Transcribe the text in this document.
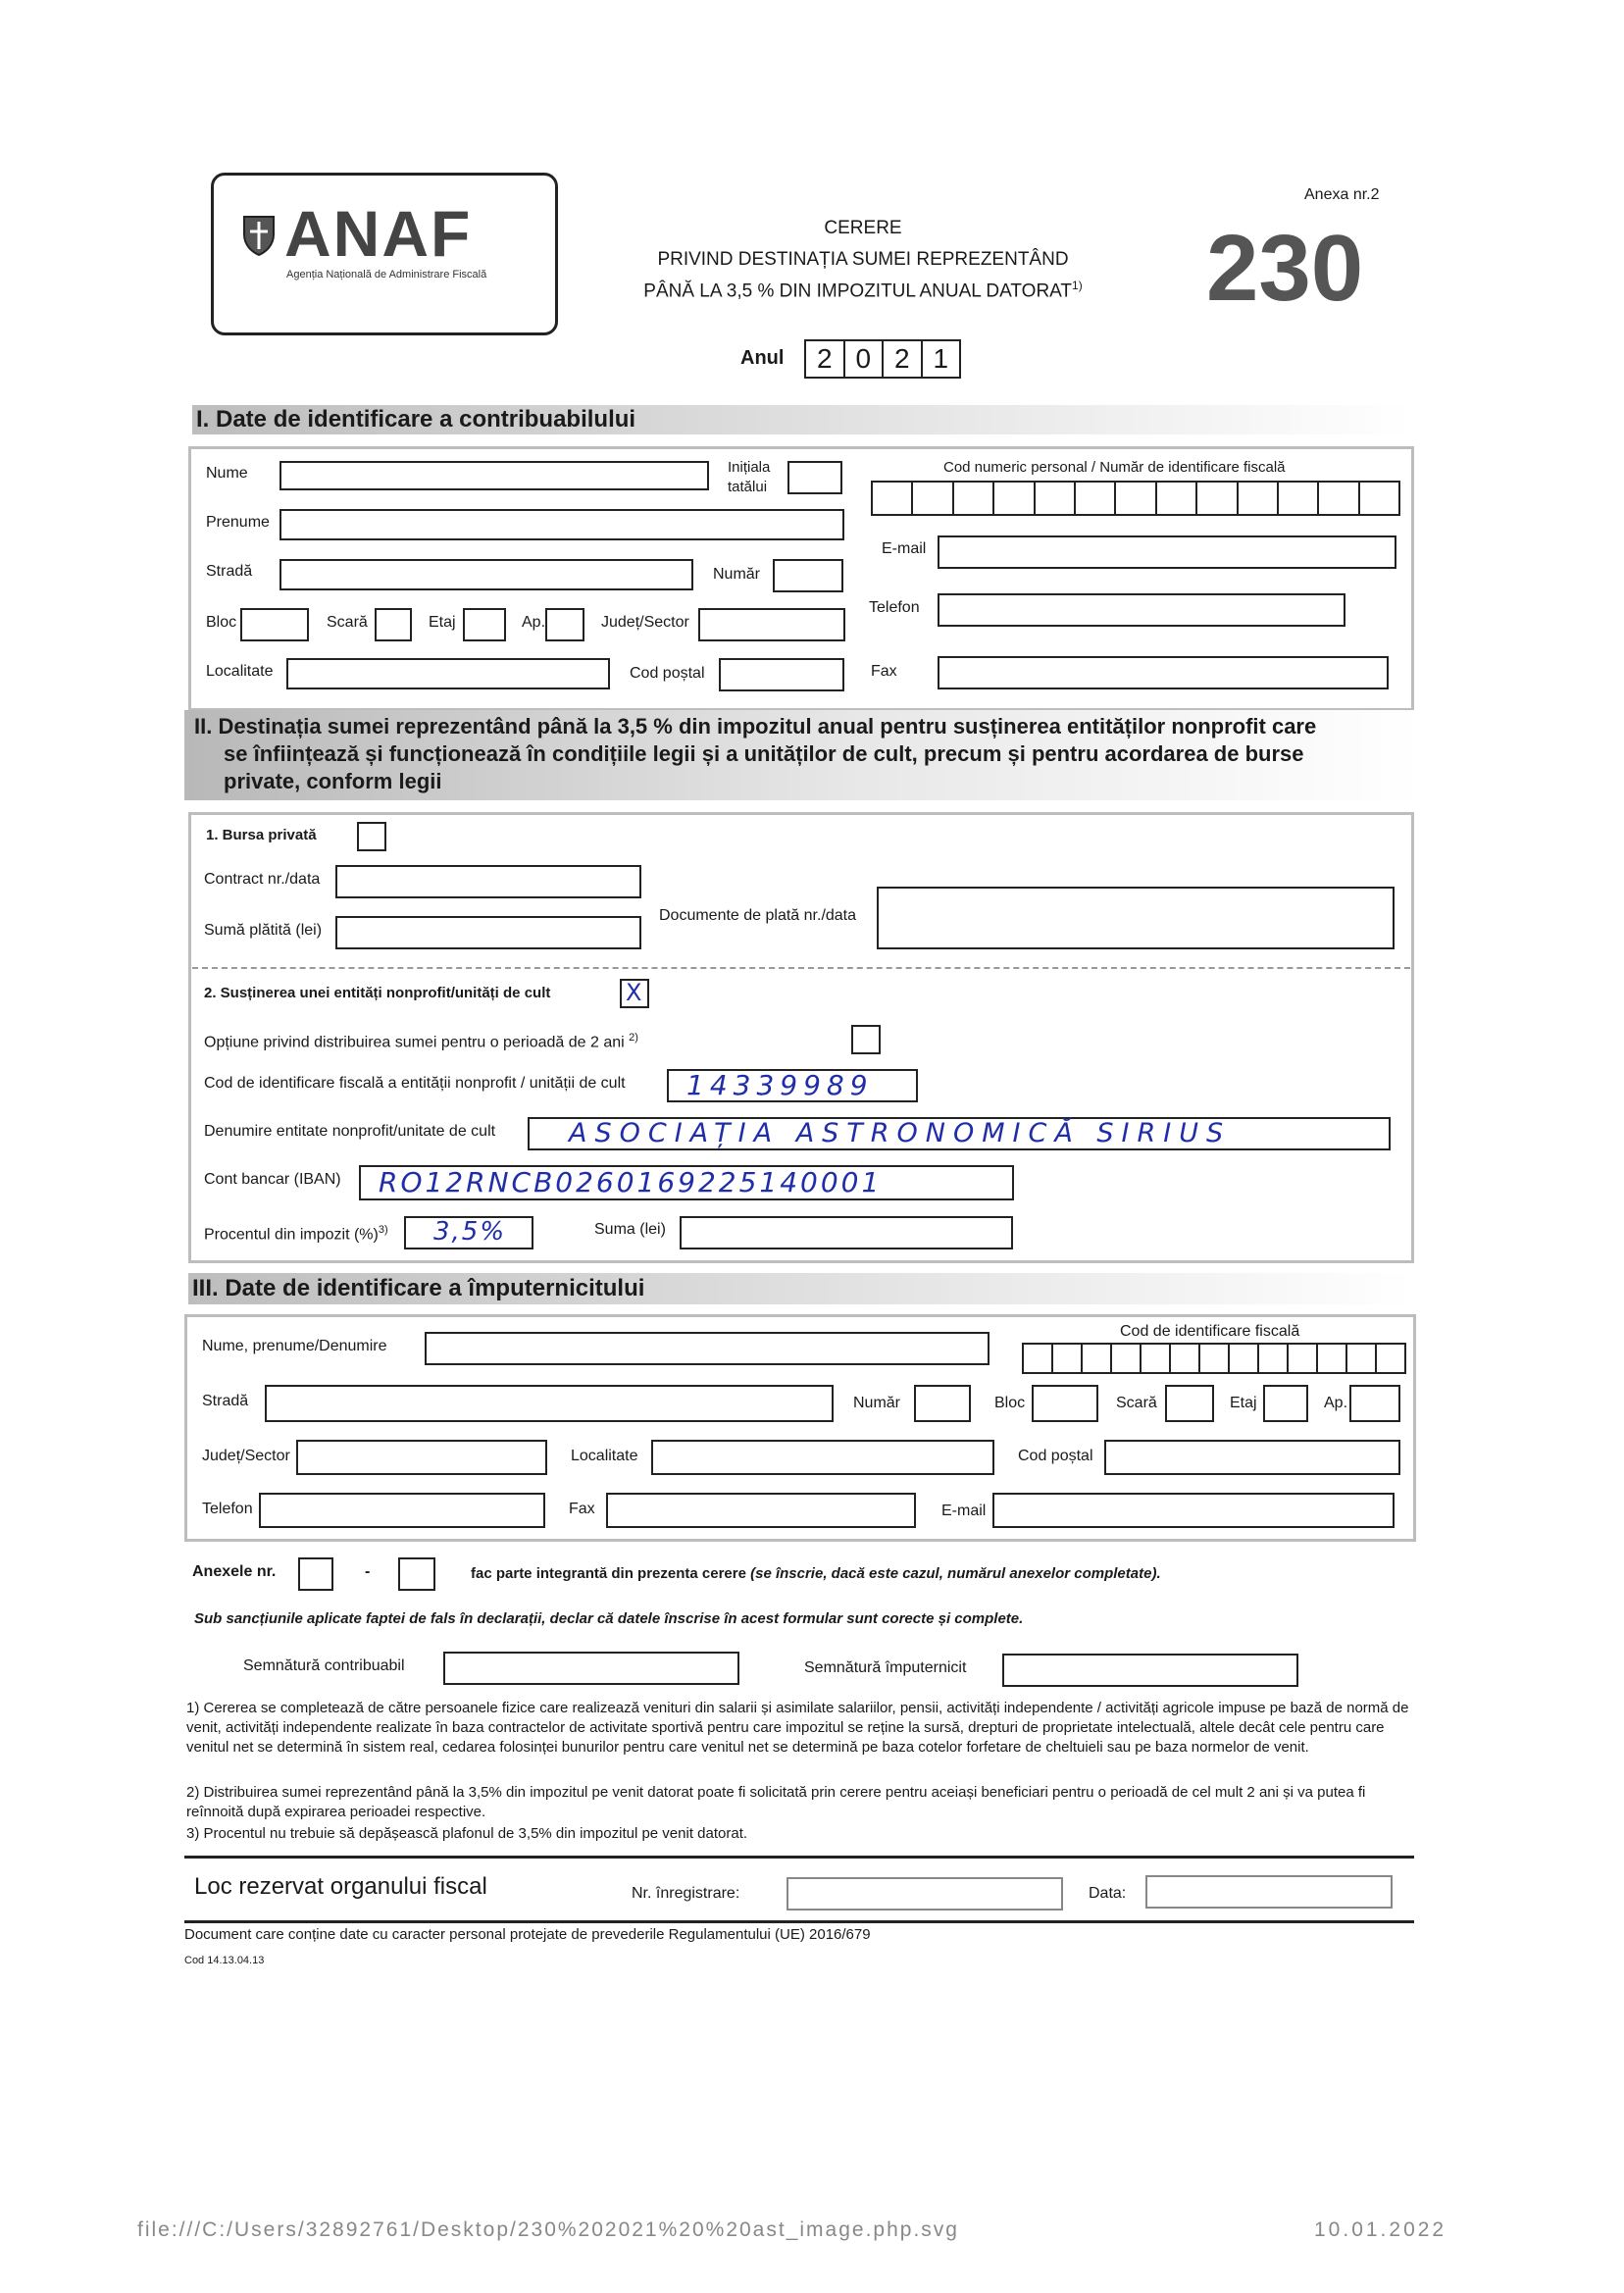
ANAF
Agenția Națională de Administrare Fiscală
CERERE
PRIVIND DESTINAȚIA SUMEI REPREZENTÂND
PÂNĂ LA 3,5 % DIN IMPOZITUL ANUAL DATORAT$^{1)}$
Anexa nr.2
230
Anul	2 0 2 1
I. Date de identificare a contribuabilului
Nume	Inițiala
tatălui
Cod numeric personal / Număr de identificare fiscală
Prenume
Stradă	Număr
E-mail
Bloc	Scară	Etaj	Ap.	Județ/Sector
Telefon
Localitate	Cod poștal	Fax
II. Destinația sumei reprezentând până la 3,5 % din impozitul anual pentru susținerea entităților nonprofit care
se înființează și funcționează în condițiile legii și a unităților de cult, precum și pentru acordarea de burse
private, conform legii
1. Bursa privată
Contract nr./data
Sumă plătită (lei)
Documente de plată nr./data
2. Susținerea unei entități nonprofit/unități de cult	X
Opțiune privind distribuirea sumei pentru o perioadă de 2 ani $^{2)}$
Cod de identificare fiscală a entității nonprofit / unității de cult 14339989
Denumire entitate nonprofit/unitate de cult	ASOCIAȚIA ASTRONOMICĂ SIRIUS
Cont bancar (IBAN) RO12RNCB0260169225140001
Procentul din impozit (%)$^{3)}$ 3,5%	Suma (lei)
III. Date de identificare a împuternicitului
Nume, prenume/Denumire
Cod de identificare fiscală
Stradă	Număr	Bloc	Scară	Etaj	Ap.
Județ/Sector	Localitate	Cod poștal
Telefon	Fax	E-mail
Anexele nr.	-	fac parte integrantă din prezenta cerere (se înscrie, dacă este cazul, numărul anexelor completate).
Sub sancțiunile aplicate faptei de fals în declarații, declar că datele înscrise în acest formular sunt corecte și complete.
Semnătură contribuabil	Semnătură împuternicit
1) Cererea se completează de către persoanele fizice care realizează venituri din salarii și asimilate salariilor, pensii, activități independente / activități agricole impuse pe bază de normă de venit, activități independente realizate în baza contractelor de activitate sportivă pentru care impozitul se reține la sursă, drepturi de proprietate intelectuală, altele decât cele pentru care venitul net se determină în sistem real, cedarea folosinței bunurilor pentru care venitul net se determină pe baza cotelor forfetare de cheltuieli sau pe baza normelor de venit.
2) Distribuirea sumei reprezentând până la 3,5% din impozitul pe venit datorat poate fi solicitată prin cerere pentru aceiași beneficiari pentru o perioadă de cel mult 2 ani și va putea fi reînnoită după expirarea perioadei respective.
3) Procentul nu trebuie să depășească plafonul de 3,5% din impozitul pe venit datorat.
Loc rezervat organului fiscal	Nr. înregistrare:	Data:
Document care conține date cu caracter personal protejate de prevederile Regulamentului (UE) 2016/679
Cod 14.13.04.13
file:///C:/Users/32892761/Desktop/230%202021%20%20ast_image.php.svg	10.01.2022
